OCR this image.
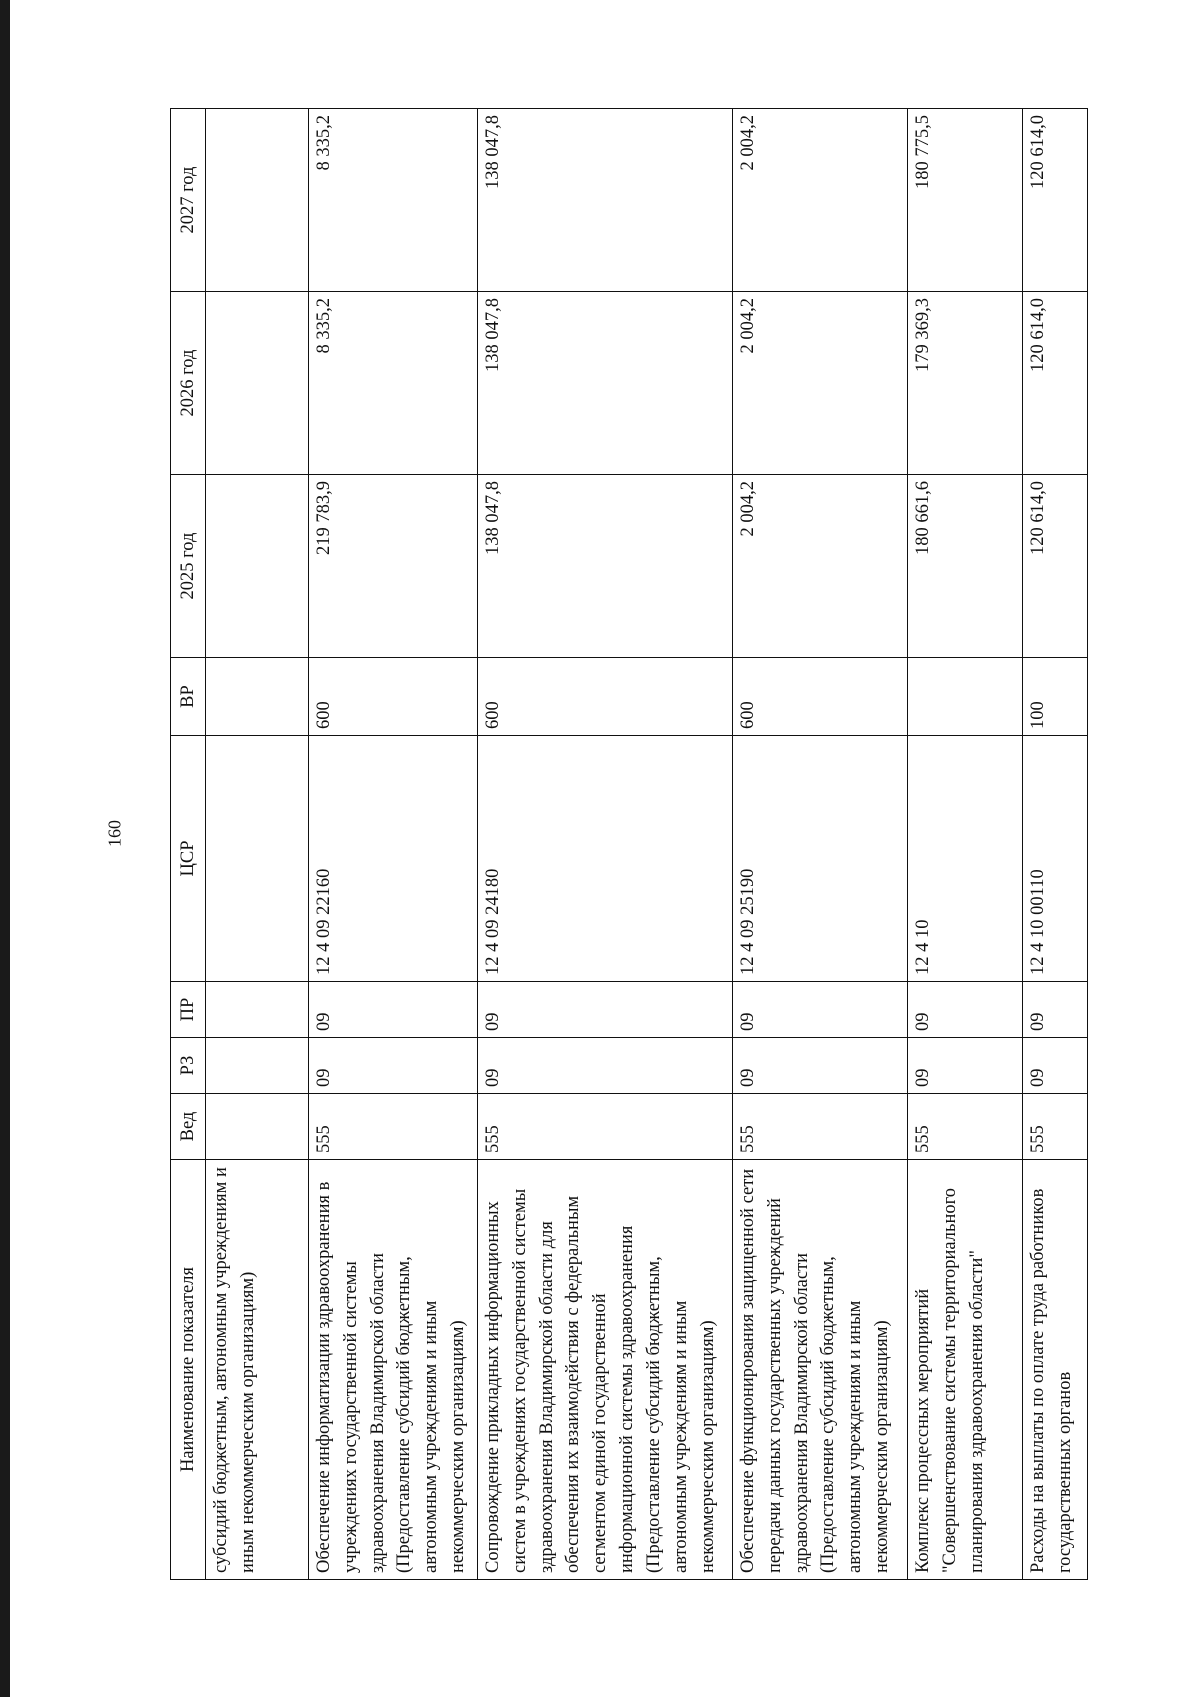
160
Наименование показателя	Вед	РЗ	ПР	ЦСР	ВР	2025 год	2026 год	2027 год
субсидий бюджетным, автономным учреждениям и иным некоммерческим организациям)								
Обеспечение информатизации здравоохранения в учреждениях государственной системы здравоохранения Владимирской области (Предоставление субсидий бюджетным, автономным учреждениям и иным некоммерческим организациям)	555	09	09	12 4 09 22160	600	219 783,9	8 335,2	8 335,2
Сопровождение прикладных информационных систем в учреждениях государственной системы здравоохранения Владимирской области для обеспечения их взаимодействия с федеральным сегментом единой государственной информационной системы здравоохранения (Предоставление субсидий бюджетным, автономным учреждениям и иным некоммерческим организациям)	555	09	09	12 4 09 24180	600	138 047,8	138 047,8	138 047,8
Обеспечение функционирования защищенной сети передачи данных государственных учреждений здравоохранения Владимирской области (Предоставление субсидий бюджетным, автономным учреждениям и иным некоммерческим организациям)	555	09	09	12 4 09 25190	600	2 004,2	2 004,2	2 004,2
Комплекс процессных мероприятий "Совершенствование системы территориального планирования здравоохранения области"	555	09	09	12 4 10		180 661,6	179 369,3	180 775,5
Расходы на выплаты по оплате труда работников государственных органов	555	09	09	12 4 10 00110	100	120 614,0	120 614,0	120 614,0
